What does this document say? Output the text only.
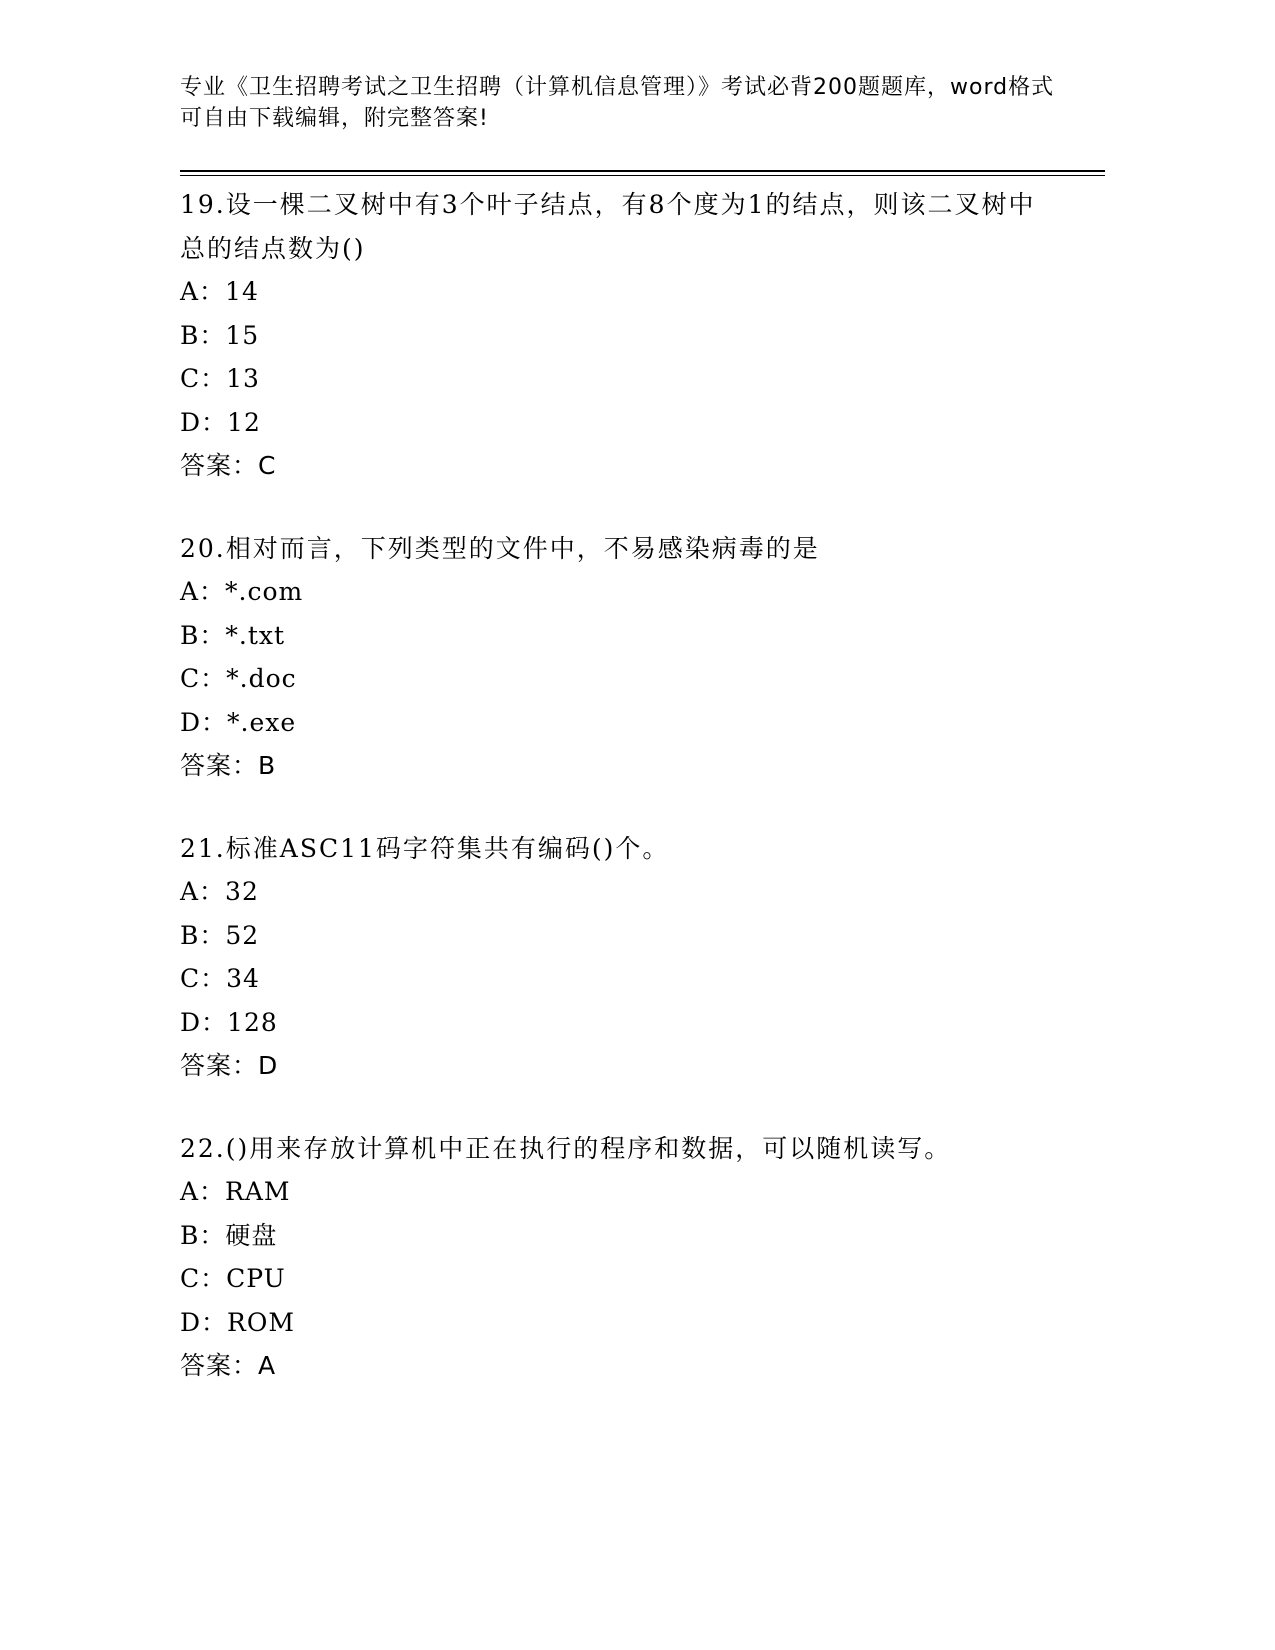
专业《卫生招聘考试之卫生招聘（计算机信息管理）》考试必背200题题库，word格式可自由下载编辑，附完整答案!
19.设一棵二叉树中有3个叶子结点，有8个度为1的结点，则该二叉树中总的结点数为()
A：14
B：15
C：13
D：12
答案：C
20.相对而言，下列类型的文件中，不易感染病毒的是
A：*.com
B：*.txt
C：*.doc
D：*.exe
答案：B
21.标准ASC11码字符集共有编码()个。
A：32
B：52
C：34
D：128
答案：D
22.()用来存放计算机中正在执行的程序和数据，可以随机读写。
A：RAM
B：硬盘
C：CPU
D：ROM
答案：A
